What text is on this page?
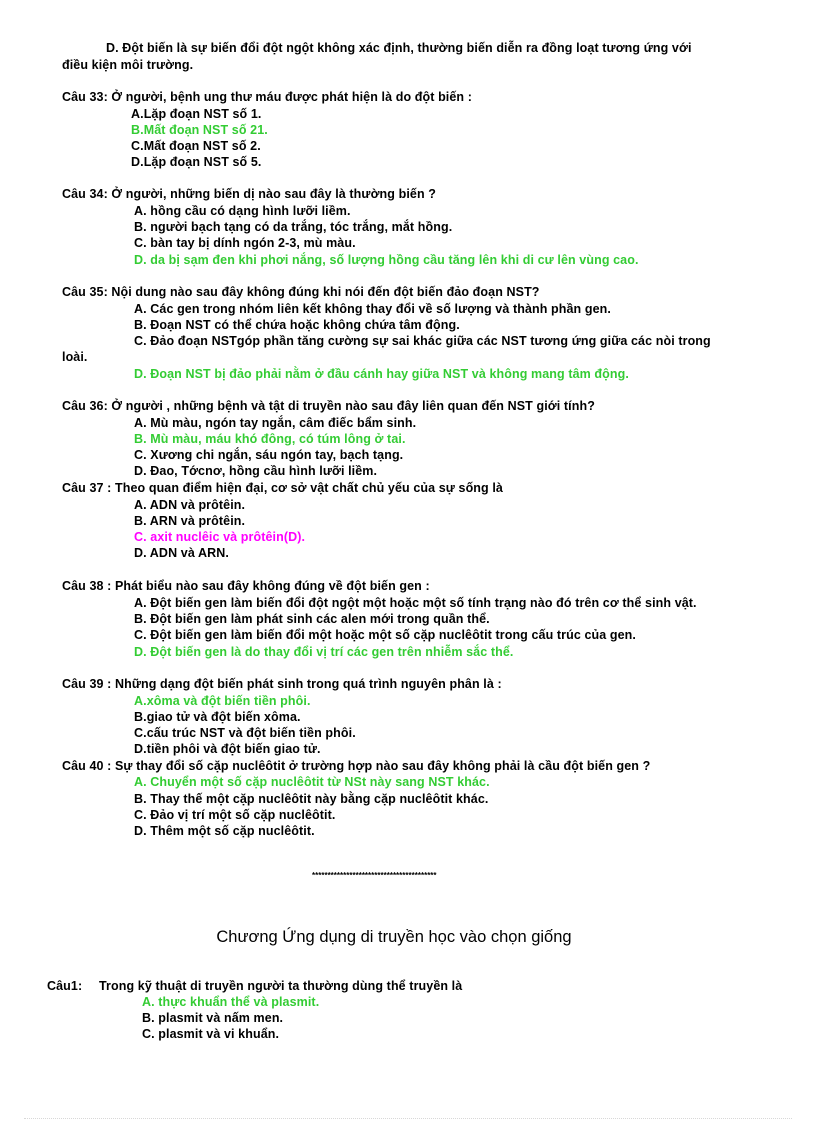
D. Đột biến là sự biến đổi đột ngột không xác định, thường biến diễn ra đồng loạt tương ứng với
điều kiện môi trường.
Câu 33: Ở người, bệnh ung thư máu được phát hiện là do đột biến :
A.Lặp đoạn NST số 1.
B.Mất đoạn NST số 21.
C.Mất đoạn NST số 2.
D.Lặp đoạn NST số 5.
Câu 34: Ở người, những biến dị nào sau đây là thường biến ?
A. hồng cầu có dạng hình lưỡi liềm.
B. người bạch tạng có da trắng, tóc trắng, mắt hồng.
C. bàn tay bị dính ngón 2-3, mù màu.
D. da bị sạm đen khi phơi nắng, số lượng hồng cầu tăng lên khi di cư lên vùng cao.
Câu 35: Nội dung nào sau đây không đúng khi nói đến đột biến đảo đoạn NST?
A. Các gen trong nhóm liên kết không thay đổi về số lượng và thành phần gen.
B. Đoạn NST có thể chứa hoặc không chứa tâm động.
C. Đảo đoạn NSTgóp phần tăng cường sự sai khác giữa các NST tương ứng giữa các nòi trong
loài.
D. Đoạn NST bị đảo phải nằm ở đầu cánh hay giữa NST và không mang tâm động.
Câu 36: Ở người , những bệnh và tật di truyền nào sau đây liên quan đến NST giới tính?
A. Mù màu, ngón tay ngắn, câm điếc bẩm sinh.
B. Mù màu, máu khó đông, có túm lông ở tai.
C. Xương chi ngắn, sáu ngón tay, bạch tạng.
D. Đao, Tớcnơ, hồng cầu hình lưỡi liềm.
Câu 37 : Theo quan điểm hiện đại, cơ sở vật chất chủ yếu của sự sống là
A. ADN và prôtêin.
B. ARN và prôtêin.
C. axit nuclêic và prôtêin(D).
D. ADN và ARN.
Câu 38 : Phát biểu nào sau đây không đúng về đột biến gen :
A. Đột biến gen làm biến đổi đột ngột một hoặc một số tính trạng nào đó trên cơ thể sinh vật.
B. Đột biến gen làm phát sinh các alen mới trong quần thể.
C. Đột biến gen làm biến đổi một hoặc một số cặp nuclêôtit trong cấu trúc của gen.
D. Đột biến gen là do thay đổi vị trí các gen trên nhiễm sắc thể.
Câu 39 : Những dạng đột biến phát sinh trong quá trình nguyên phân là :
A.xôma và đột biến tiền phôi.
B.giao tử và đột biến xôma.
C.cấu trúc NST và đột biến tiền phôi.
D.tiền phôi và đột biến giao tử.
Câu 40 : Sự thay đổi số cặp nuclêôtit ở trường hợp nào sau đây không phải là cầu đột biến gen ?
A. Chuyển một số cặp nuclêôtit từ NSt này sang NST khác.
B. Thay thế một cặp nuclêôtit này bằng cặp nuclêôtit khác.
C. Đảo vị trí một số cặp nuclêôtit.
D. Thêm một số cặp nuclêôtit.
****************************************
Chương Ứng dụng di truyền học vào chọn giống
Câu1: Trong kỹ thuật di truyền người ta thường dùng thể truyền là
A. thực khuẩn thể và plasmit.
B. plasmit và nấm men.
C. plasmit và vi khuẩn.
